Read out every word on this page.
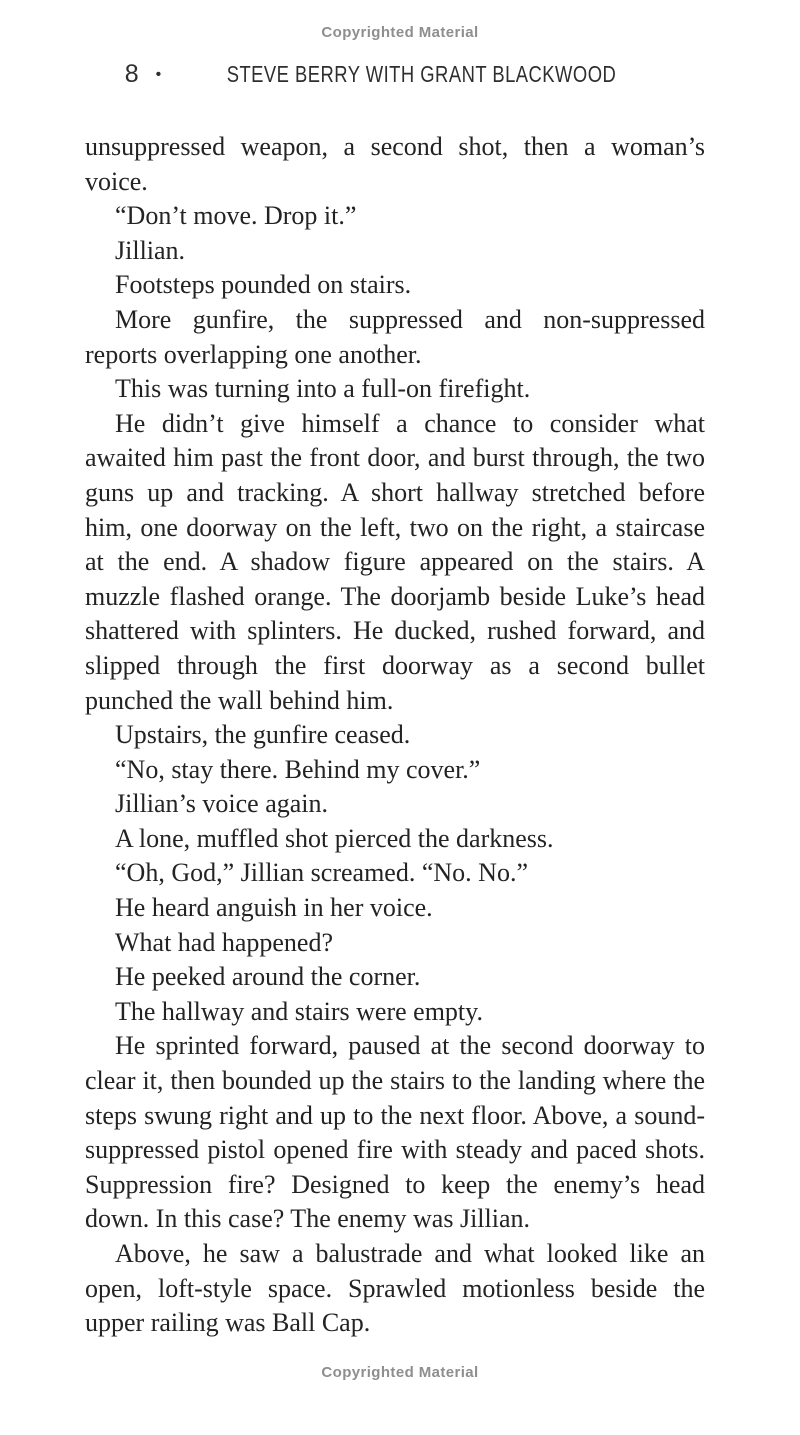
Copyrighted Material
8 •	STEVE BERRY WITH GRANT BLACKWOOD

unsuppressed weapon, a second shot, then a woman’s voice.

“Don’t move. Drop it.”

Jillian.

Footsteps pounded on stairs.

More gunfire, the suppressed and non-suppressed reports overlapping one another.

This was turning into a full-on firefight.

He didn’t give himself a chance to consider what awaited him past the front door, and burst through, the two guns up and tracking. A short hallway stretched before him, one doorway on the left, two on the right, a staircase at the end. A shadow figure appeared on the stairs. A muzzle flashed orange. The doorjamb beside Luke’s head shattered with splinters. He ducked, rushed forward, and slipped through the first doorway as a second bullet punched the wall behind him.

Upstairs, the gunfire ceased.

“No, stay there. Behind my cover.”

Jillian’s voice again.

A lone, muffled shot pierced the darkness.

“Oh, God,” Jillian screamed. “No. No.”

He heard anguish in her voice.

What had happened?

He peeked around the corner.

The hallway and stairs were empty.

He sprinted forward, paused at the second doorway to clear it, then bounded up the stairs to the landing where the steps swung right and up to the next floor. Above, a sound-suppressed pistol opened fire with steady and paced shots. Suppression fire? Designed to keep the enemy’s head down. In this case? The enemy was Jillian.

Above, he saw a balustrade and what looked like an open, loft-style space. Sprawled motionless beside the upper railing was Ball Cap.

Copyrighted Material
